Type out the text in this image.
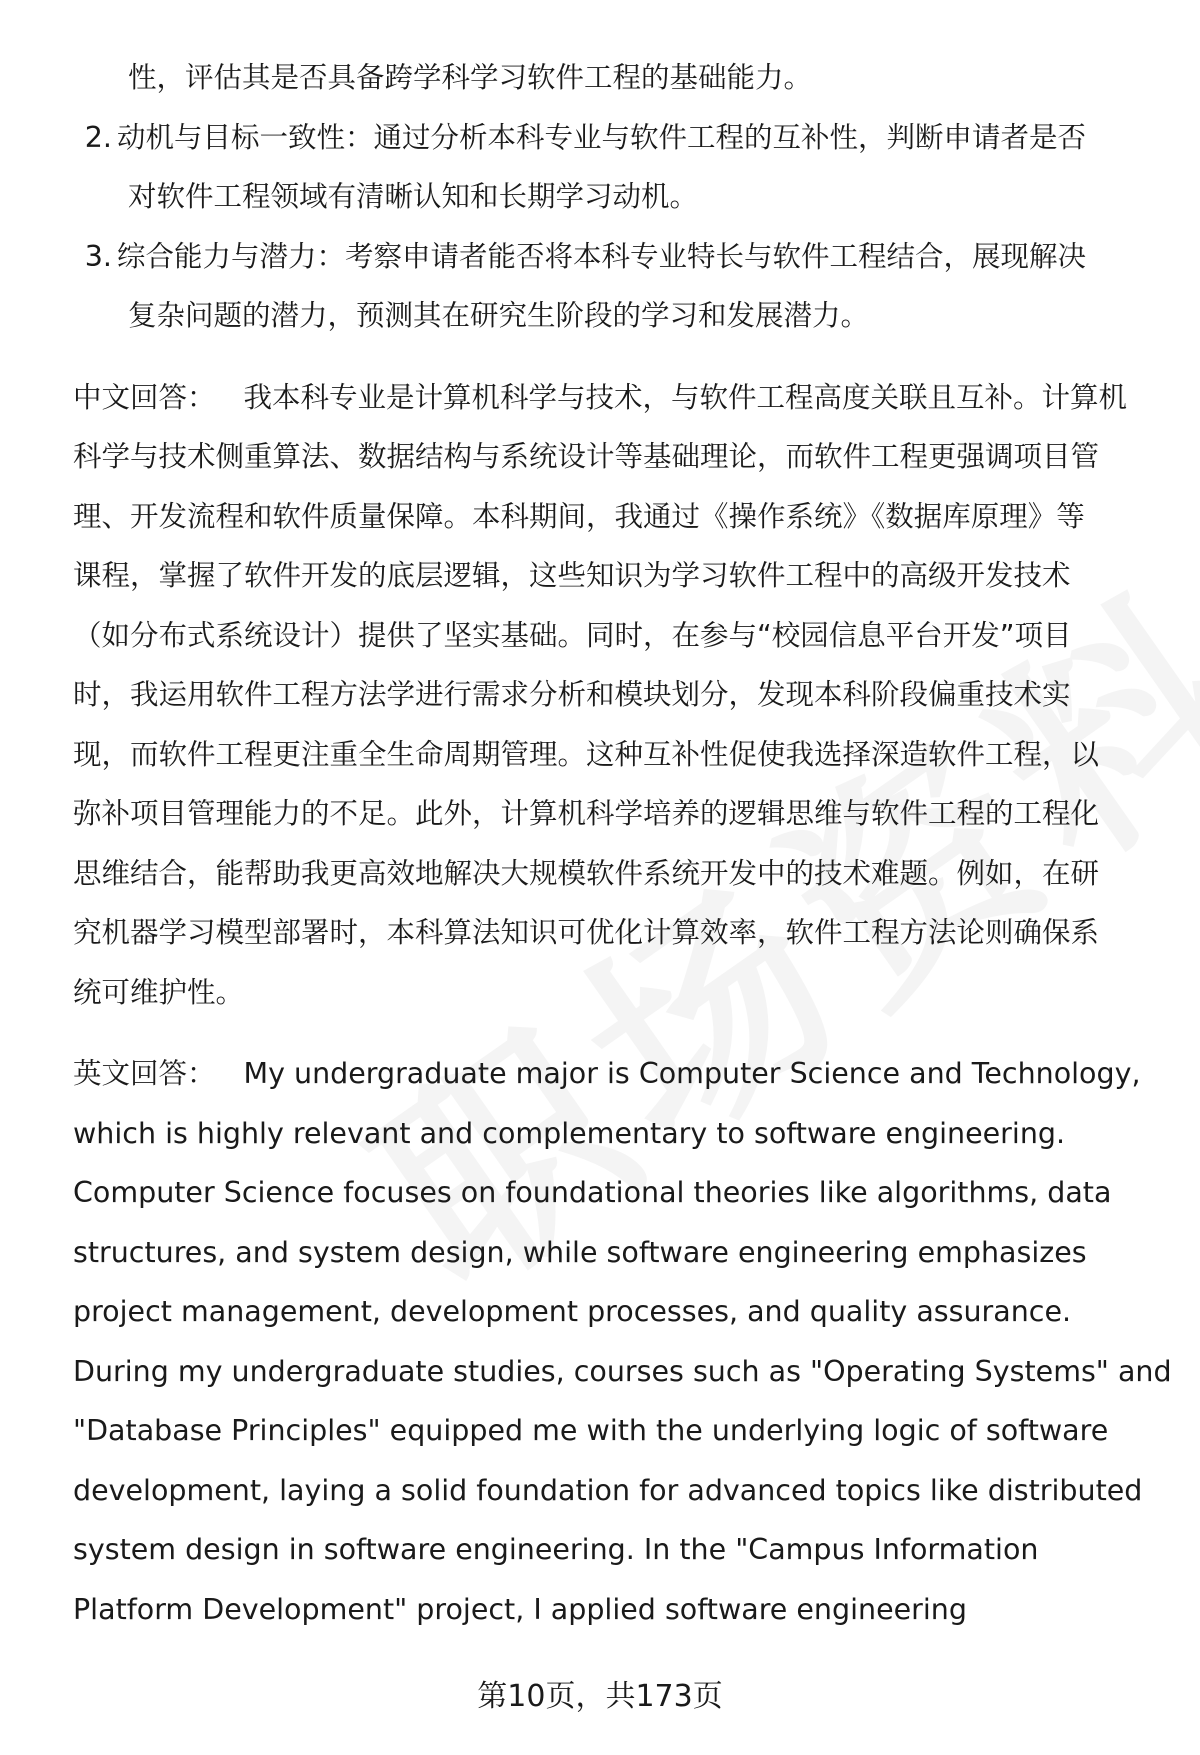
性，评估其是否具备跨学科学习软件工程的基础能力。
2. 动机与目标一致性：通过分析本科专业与软件工程的互补性，判断申请者是否
对软件工程领域有清晰认知和长期学习动机。
3. 综合能力与潜力：考察申请者能否将本科专业特长与软件工程结合，展现解决
复杂问题的潜力，预测其在研究生阶段的学习和发展潜力。
中文回答： 我本科专业是计算机科学与技术，与软件工程高度关联且互补。计算机
科学与技术侧重算法、数据结构与系统设计等基础理论，而软件工程更强调项目管
理、开发流程和软件质量保障。本科期间，我通过《操作系统》《数据库原理》等
课程，掌握了软件开发的底层逻辑，这些知识为学习软件工程中的高级开发技术
（如分布式系统设计）提供了坚实基础。同时，在参与“校园信息平台开发”项目
时，我运用软件工程方法学进行需求分析和模块划分，发现本科阶段偏重技术实
现，而软件工程更注重全生命周期管理。这种互补性促使我选择深造软件工程，以
弥补项目管理能力的不足。此外，计算机科学培养的逻辑思维与软件工程的工程化
思维结合，能帮助我更高效地解决大规模软件系统开发中的技术难题。例如，在研
究机器学习模型部署时，本科算法知识可优化计算效率，软件工程方法论则确保系
统可维护性。
英文回答： My undergraduate major is Computer Science and Technology,
which is highly relevant and complementary to software engineering.
Computer Science focuses on foundational theories like algorithms, data
structures, and system design, while software engineering emphasizes
project management, development processes, and quality assurance.
During my undergraduate studies, courses such as "Operating Systems" and
"Database Principles" equipped me with the underlying logic of software
development, laying a solid foundation for advanced topics like distributed
system design in software engineering. In the "Campus Information
Platform Development" project, I applied software engineering
第10页，共173页
